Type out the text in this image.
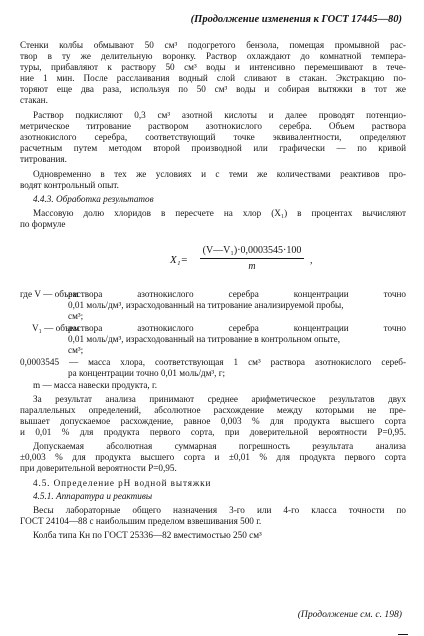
(Продолжение изменения к ГОСТ 17445—80)
Стенки колбы обмывают 50 см³ подогретого бензола, помещая промывной рас-
твор в ту же делительную воронку. Раствор охлаждают до комнатной темпера-
туры, прибавляют к раствору 50 см³ воды и интенсивно перемешивают в тече-
ние 1 мин. После расслаивания водный слой сливают в стакан. Экстракцию по-
торяют еще два раза, используя по 50 см³ воды и собирая вытяжки в тот же
стакан.
Раствор подкисляют 0,3 см³ азотной кислоты и далее проводят потенцио-
метрическое титрование раствором азотнокислого серебра. Объем раствора
азотнокислого серебра, соответствующий точке эквивалентности, определяют
расчетным путем методом второй производной или графически — по кривой
титрования.
Одновременно в тех же условиях и с теми же количествами реактивов про-
водят контрольный опыт.
4.4.3. Обработка результатов
Массовую долю хлоридов в пересчете на хлор (X₁) в процентах вычисляют
по формуле
$X_1= \frac{\text{(V—V₁)·0,0003545·100}}{m}$ ,
где V — объем
раствора азотнокислого серебра концентрации точно
0,01 моль/дм³, израсходованный на титрование анализируемой пробы,
см³;
V₁ — объем
раствора азотнокислого серебра концентрации точно
0,01 моль/дм³, израсходованный на титрование в контрольном опыте,
см³;
0,0003545 — масса хлора, соответствующая 1 см³ раствора азотнокислого сереб-
ра концентрации точно 0,01 моль/дм³, г;
m — масса навески продукта, г.
За результат анализа принимают среднее арифметическое результатов двух
параллельных определений, абсолютное расхождение между которыми не пре-
вышает допускаемое расхождение, равное 0,003 % для продукта высшего сорта
и 0,01 % для продукта первого сорта, при доверительной вероятности P=0,95.
Допускаемая абсолютная суммарная погрешность результата анализа
±0,003 % для продукта высшего сорта и ±0,01 % для продукта первого сорта
при доверительной вероятности P=0,95.
4.5. Определение pH водной вытяжки
4.5.1. Аппаратура и реактивы
Весы лабораторные общего назначения 3-го или 4-го класса точности по
ГОСТ 24104—88 с наибольшим пределом взвешивания 500 г.
Колба типа Кн по ГОСТ 25336—82 вместимостью 250 см³
(Продолжение см. с. 198)
